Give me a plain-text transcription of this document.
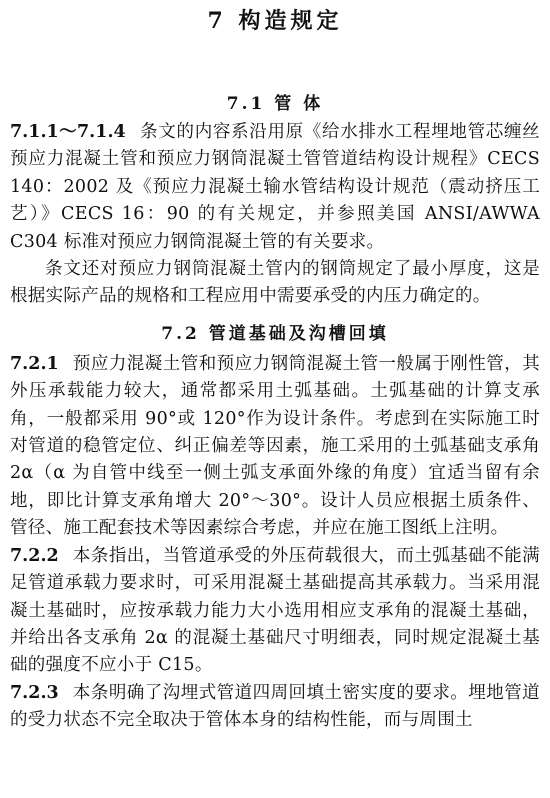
7 构造规定
7.1 管 体

7.1.1～7.1.4 条文的内容系沿用原《给水排水工程埋地管芯缠丝预应力混凝土管和预应力钢筒混凝土管管道结构设计规程》CECS 140：2002 及《预应力混凝土输水管结构设计规范（震动挤压工艺）》CECS 16：90 的有关规定，并参照美国 ANSI/AWWA C304 标准对预应力钢筒混凝土管的有关要求。

条文还对预应力钢筒混凝土管内的钢筒规定了最小厚度，这是根据实际产品的规格和工程应用中需要承受的内压力确定的。

7.2 管道基础及沟槽回填

7.2.1 预应力混凝土管和预应力钢筒混凝土管一般属于刚性管，其外压承载能力较大，通常都采用土弧基础。土弧基础的计算支承角，一般都采用 90°或 120°作为设计条件。考虑到在实际施工时对管道的稳管定位、纠正偏差等因素，施工采用的土弧基础支承角 2α（α 为自管中线至一侧土弧支承面外缘的角度）宜适当留有余地，即比计算支承角增大 20°～30°。设计人员应根据土质条件、管径、施工配套技术等因素综合考虑，并应在施工图纸上注明。

7.2.2 本条指出，当管道承受的外压荷载很大，而土弧基础不能满足管道承载力要求时，可采用混凝土基础提高其承载力。当采用混凝土基础时，应按承载力能力大小选用相应支承角的混凝土基础，并给出各支承角 2α 的混凝土基础尺寸明细表，同时规定混凝土基础的强度不应小于 C15。

7.2.3 本条明确了沟埋式管道四周回填土密实度的要求。埋地管道的受力状态不完全取决于管体本身的结构性能，而与周围土
